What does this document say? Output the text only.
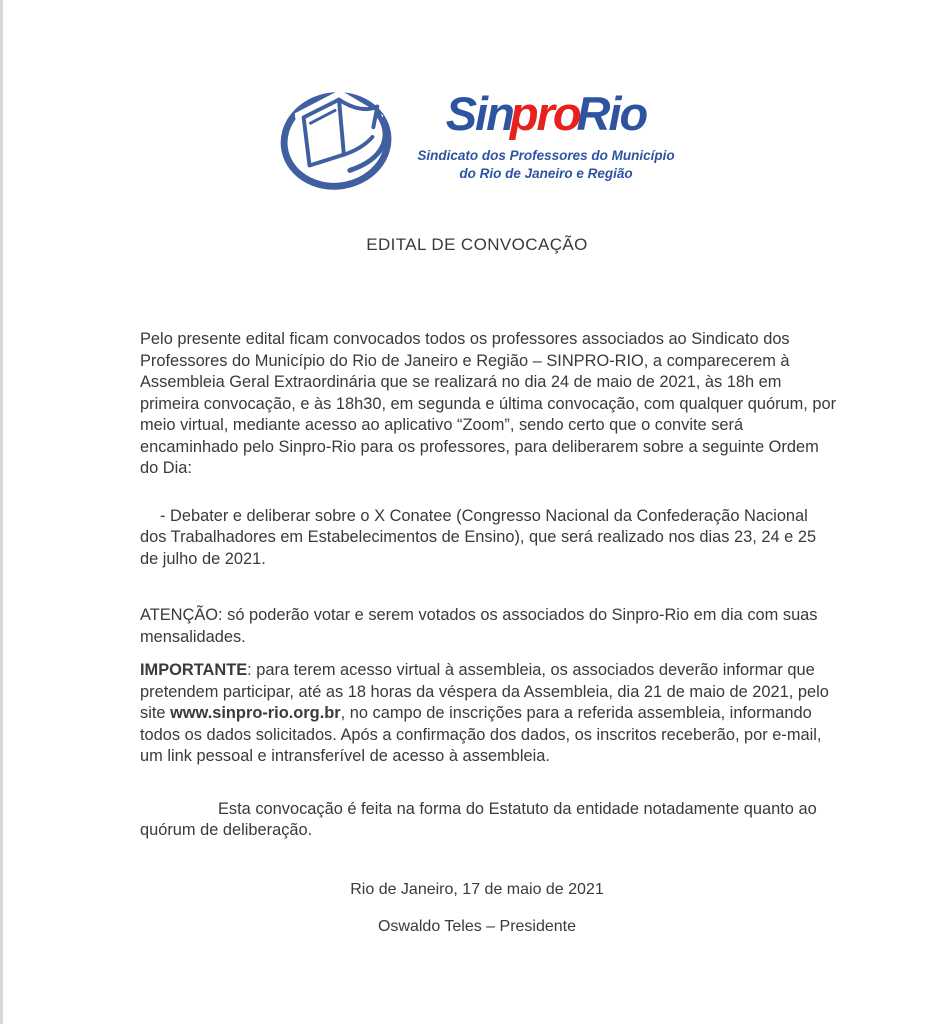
SinproRio
Sindicato dos Professores do Município
do Rio de Janeiro e Região
EDITAL DE CONVOCAÇÃO

Pelo presente edital ficam convocados todos os professores associados ao Sindicato dos Professores do Município do Rio de Janeiro e Região – SINPRO-RIO, a comparecerem à Assembleia Geral Extraordinária que se realizará no dia 24 de maio de 2021, às 18h em primeira convocação, e às 18h30, em segunda e última convocação, com qualquer quórum, por meio virtual, mediante acesso ao aplicativo “Zoom”, sendo certo que o convite será encaminhado pelo Sinpro-Rio para os professores, para deliberarem sobre a seguinte Ordem do Dia:

- Debater e deliberar sobre o X Conatee (Congresso Nacional da Confederação Nacional dos Trabalhadores em Estabelecimentos de Ensino), que será realizado nos dias 23, 24 e 25 de julho de 2021.

ATENÇÃO: só poderão votar e serem votados os associados do Sinpro-Rio em dia com suas mensalidades.

IMPORTANTE: para terem acesso virtual à assembleia, os associados deverão informar que pretendem participar, até as 18 horas da véspera da Assembleia, dia 21 de maio de 2021, pelo site www.sinpro-rio.org.br, no campo de inscrições para a referida assembleia, informando todos os dados solicitados. Após a confirmação dos dados, os inscritos receberão, por e-mail, um link pessoal e intransferível de acesso à assembleia.

Esta convocação é feita na forma do Estatuto da entidade notadamente quanto ao quórum de deliberação.

Rio de Janeiro, 17 de maio de 2021

Oswaldo Teles – Presidente
